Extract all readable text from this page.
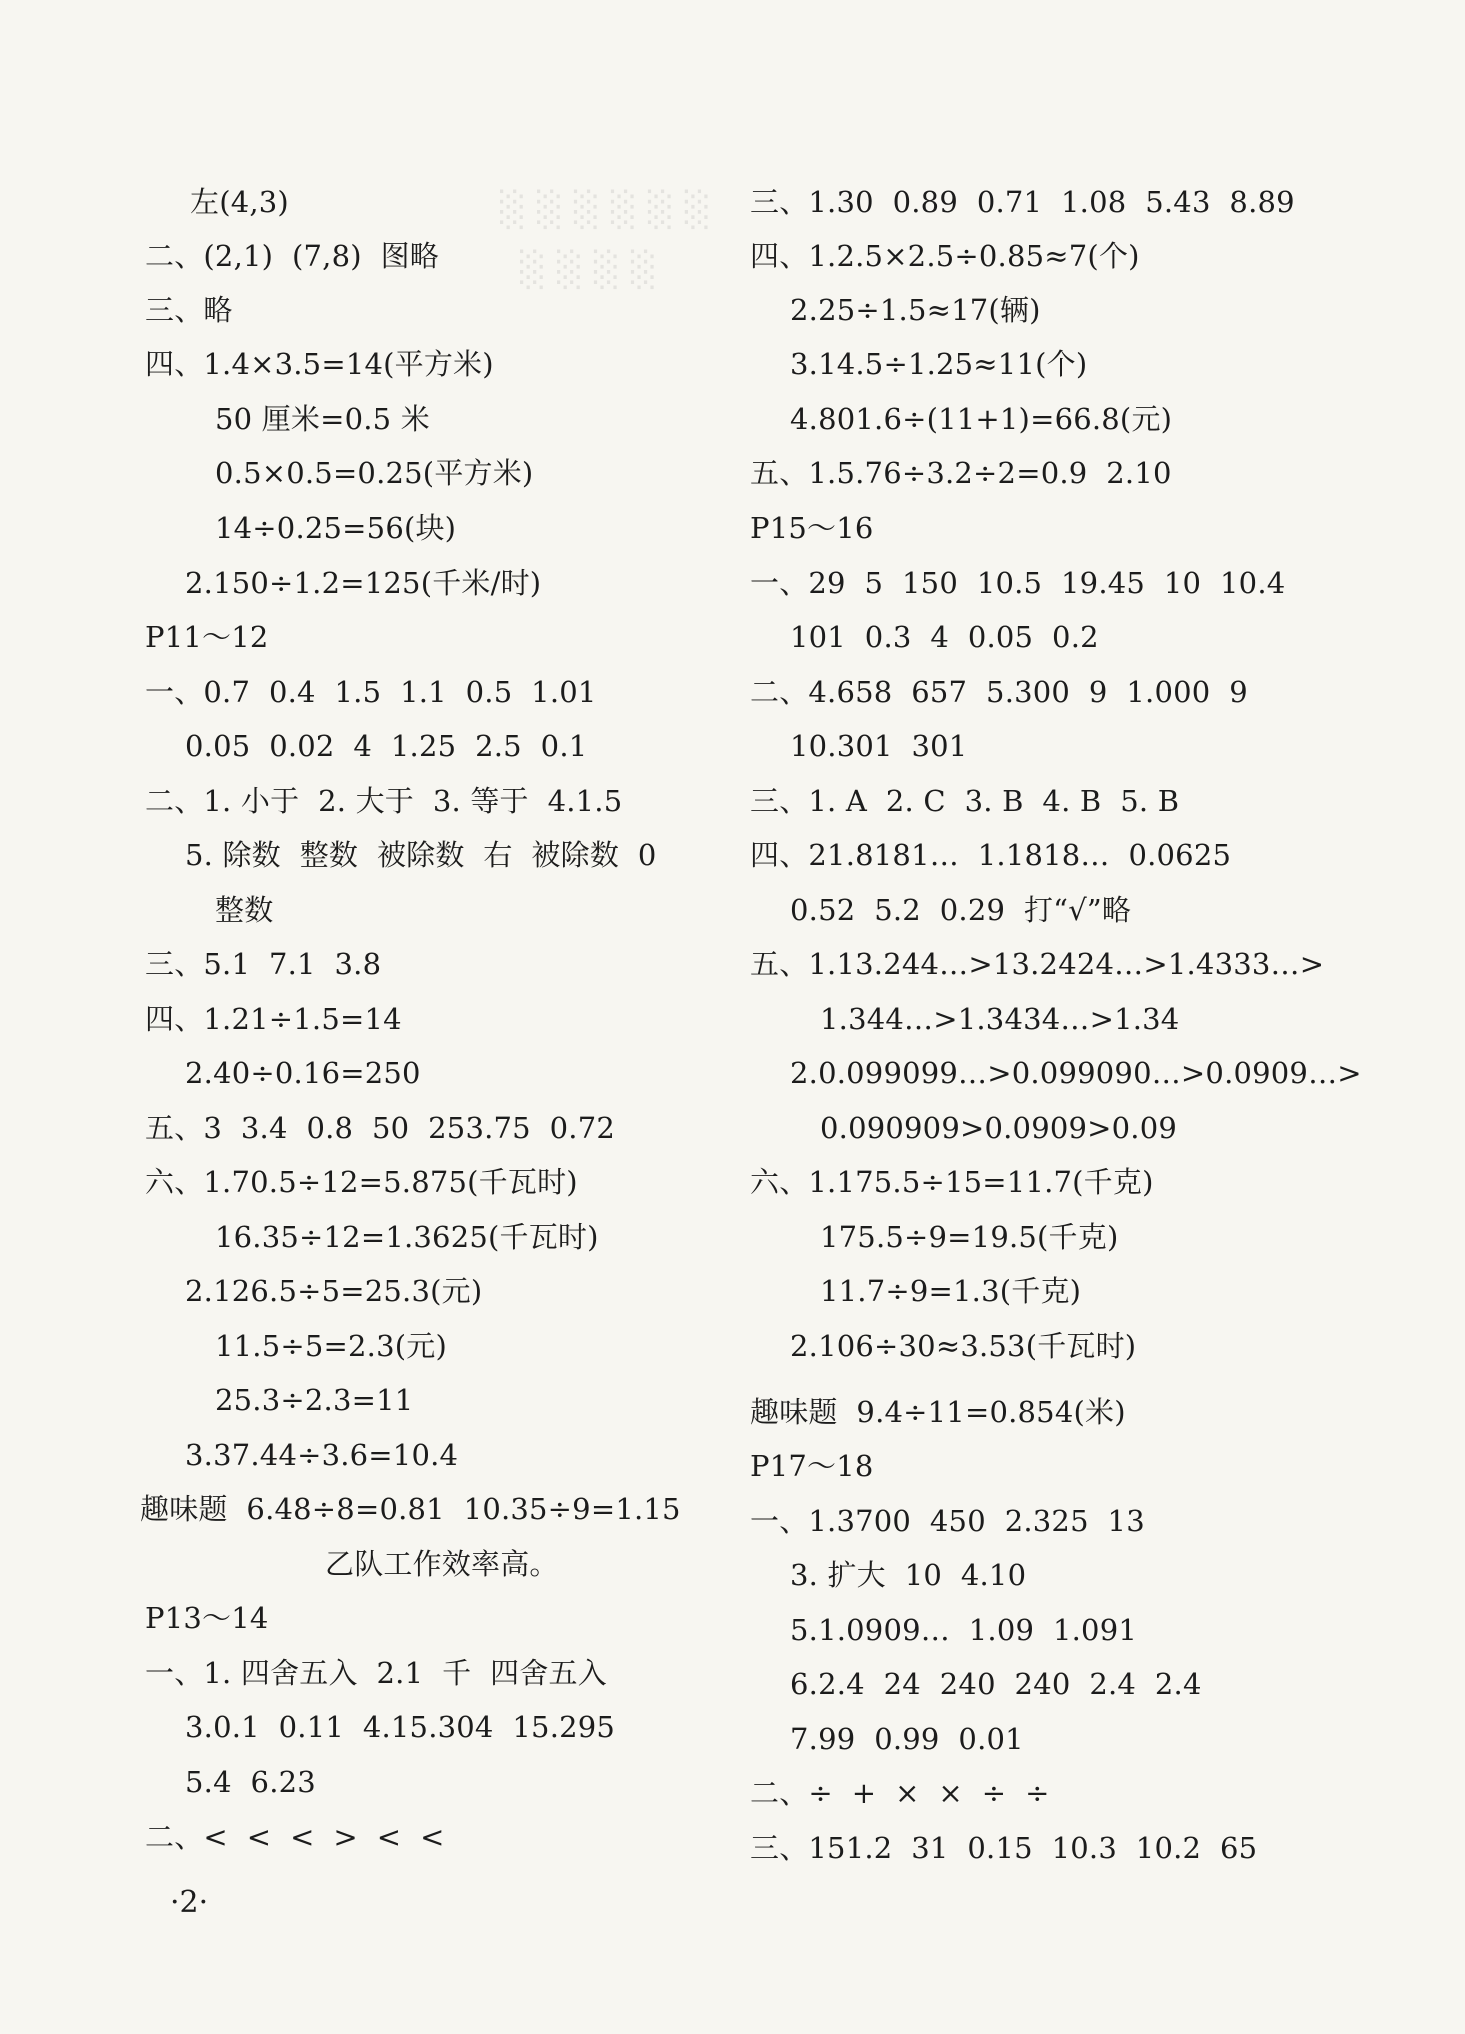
░ ░ ░ ░ ░ ░
░ ░ ░ ░
左(4,3)
二、(2,1)  (7,8)  图略
三、略
四、1.4×3.5=14(平方米)
50 厘米=0.5 米
0.5×0.5=0.25(平方米)
14÷0.25=56(块)
2.150÷1.2=125(千米/时)
P11～12
一、0.7  0.4  1.5  1.1  0.5  1.01
0.05  0.02  4  1.25  2.5  0.1
二、1. 小于  2. 大于  3. 等于  4.1.5
5. 除数  整数  被除数  右  被除数  0
整数
三、5.1  7.1  3.8
四、1.21÷1.5=14
2.40÷0.16=250
五、3  3.4  0.8  50  253.75  0.72
六、1.70.5÷12=5.875(千瓦时)
16.35÷12=1.3625(千瓦时)
2.126.5÷5=25.3(元)
11.5÷5=2.3(元)
25.3÷2.3=11
3.37.44÷3.6=10.4
趣味题  6.48÷8=0.81  10.35÷9=1.15
乙队工作效率高。
P13～14
一、1. 四舍五入  2.1  千  四舍五入
3.0.1  0.11  4.15.304  15.295
5.4  6.23
二、<  <  <  >  <  <
三、1.30  0.89  0.71  1.08  5.43  8.89
四、1.2.5×2.5÷0.85≈7(个)
2.25÷1.5≈17(辆)
3.14.5÷1.25≈11(个)
4.801.6÷(11+1)=66.8(元)
五、1.5.76÷3.2÷2=0.9  2.10
P15～16
一、29  5  150  10.5  19.45  10  10.4
101  0.3  4  0.05  0.2
二、4.658  657  5.300  9  1.000  9
10.301  301
三、1. A  2. C  3. B  4. B  5. B
四、21.8181…  1.1818…  0.0625
0.52  5.2  0.29  打“√”略
五、1.13.244…>13.2424…>1.4333…>
1.344…>1.3434…>1.34
2.0.099099…>0.099090…>0.0909…>
0.090909>0.0909>0.09
六、1.175.5÷15=11.7(千克)
175.5÷9=19.5(千克)
11.7÷9=1.3(千克)
2.106÷30≈3.53(千瓦时)
趣味题  9.4÷11=0.854(米)
P17～18
一、1.3700  450  2.325  13
3. 扩大  10  4.10
5.1.0909…  1.09  1.091
6.2.4  24  240  240  2.4  2.4
7.99  0.99  0.01
二、÷  +  ×  ×  ÷  ÷
三、151.2  31  0.15  10.3  10.2  65
·2·
